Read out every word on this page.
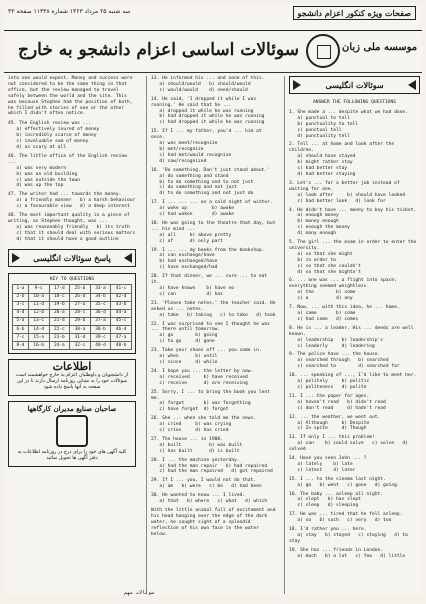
سه شنبه ۲۵ مرداد ۱۳۶۳ شماره ۱۱۳۳۸ صفحه ۳۳	صفحات ویژه کنکور اعزام دانشجو
سوئالات اساسی اعزام دانشجو به خارج	موسسه ملی زبان

into one would expect. Money and success were not considered to be the same thing in that office, but the review managed to travel safely between the world and the site. This was because Stephen had the position of both, he filled with stories of one or the other which I didn't often notice.

45. The English review was ...
a) effectively inured of money
b) incredibly scarce of money
c) invaluable sum of money
d) as scary at all

46. The little office of the English review ...
a) was very modern
b) was an old building
c) was outside the town
d) was up the top

47. The writer had ... towards the money.
a) a friendly manner   b) a harsh behaviour
c) a favourable view   d) a deep interest

48. The most important quality in a piece of writing, as Stephen thought, was ...
a) was reasonably friendly   b) its truth
c) that it should deal with serious matters
d) that it should have a good outline

پاسخ سوئالات انگلیسی
KEY TO QUESTIONS
1-a	9-c	17-d	25-b	33-a	41-c
2-b	10-a	18-c	26-d	34-b	42-d
3-c	11-d	19-b	27-a	35-c	43-b
4-d	12-b	20-a	28-c	36-d	44-a
5-a	13-c	21-d	29-b	37-a	45-c
6-b	14-d	22-c	30-a	38-b	46-d
7-c	15-a	23-b	31-d	39-c	47-a
8-d	16-b	24-a	32-c	40-d	48-b
اطلاعات
از دانشجویان و داوطلبان اعزام به خارج خواهشمند است سوئالات خود را به نشانی روزنامه ارسال دارند تا در این صفحه به آنها پاسخ داده شود
صاحبان صنایع مدیران کارگاهها
کلیه آگهی های خود را برای درج در روزنامه اطلاعات به دفتر آگهی ها تحویل نمائید

13. He informed his ... and none of this.
a) should/would   b) should/would
c) would/would    d) need/should

14. He said, 'I dropped it while I was running.' He said that he ...
a) dropped it while he was running
b) had dropped it while he was running
c) had dropped it while he was running

15. If I ... my father, you'd ... him at once.
a) was meet/recognize
b) met/recognize
c) had met/would recognize
d) saw/recognized

16. 'Do something. Don't just stand about.'
a) do something and stand
b) to do something and to not just
c) do something and not just
d) to do something and not just do

17. I ... ... ... on a cold night of winter.
a) woke up         b) awoke
c) had woken       d) awake

18. He was going to the theatre that day, but ... his mind ...
a) all     b) above pretty
c) of      d) only part

19. I ... ... my books from the bookshop.
a) can exchange/have
b) had exchanged/have
c) have exchanged/had

20. If that dinner, we ... sure ... to eat it.
a) have known    b) have no
c) can           d) has

21. 'Please take notes,' the teacher said. He asked us ... notes.
a) take   b) taking   c) to take   d) took

22. I was surprised to see I thought he was ... there until tomorrow.
a) go        b) going
c) to go     d) gone

23. Take your shoes off ... you come in.
a) when      b) until
c) since     d) while

24. I hope you ... the letter by now.
a) received     b) have received
c) receive      d) are receiving

25. Sorry, I ... to bring the book you lent me.
a) forgot       b) was forgetting
c) have forgot  d) forget

26. She ... when she told me the news.
a) cried     b) was crying
c) cries     d) has cried

27. The house ... in 1900.
a) built          b) was built
c) has built      d) is built

28. I ... the machine yesterday.
a) had the man repair   b) had repaired
c) had the man repaired   d) got repaired

29. If I ... you, I would not do that.
a) am   b) were   c) be   d) had been

30. He wanted to know ... I lived.
a) that   b) where   c) what   d) which

With the little animal full of excitement and his head hanging over the edge of the dark water, he caught sight of a splendid reflection of his own face in the water below.

سوئالات انگلیسی
ANSWER THE FOLLOWING QUESTIONS

1. She made a ... despite what we had done.
a) punctual to tell
b) punctuality to tell
c) punctual tell
d) punctuality tell

2. Tell ... at home and look after the children.
a) should have stayed
b) might rather stay
c) had better stay
d) had better staying

3. Let's ... for a better job instead of waiting for one.
a) look after     b) should have looked
c) had better look   d) look for

4. He didn't have ... money to buy his ticket.
a) enough money
b) money enough
c) enough the money
d) many enough

5. The girl ... the exam in order to enter the university.
a) so that she might
b) in order to
c) so that she couldn't
d) so that she mightn't

6. ... one was ... a flight into space; everything seemed weightless.
a) the        b) some
c) a          d) any

7. Now, ... with this idea, he ... home.
a) came       b) come
c) had come   d) comes

8. He is ... a leader. His ... deeds are well known.
a) leadership   b) leadership's
c) leaderly     d) leadering

9. The police have ... the house.
a) searched through   b) searched
c) searched to        d) searched for

10. ... speaking of ..., I'd like to meet her.
a) politely     b) politic
c) politeness   d) polite

11. I ... the paper for ages.
a) haven't read   b) didn't read
c) don't read     d) hadn't read

12. ... the weather, we went out.
a) Although     b) Despite
c) In spite     d) Though

13. If only I ... this problem!
a) can    b) could solve   c) solve   d) solved

14. Have you seen John ... ?
a) lately    b) late
c) latest    d) later

15. I ... to the cinema last night.
a) go   b) went   c) gone   d) going

16. The baby ... asleep all night.
a) slept   b) has slept
c) sleep   d) sleeping

17. He was ... tired that he fell asleep.
a) so   b) such   c) very   d) too

18. I'd rather you ... here.
a) stay   b) stayed   c) staying   d) to stay

19. She has ... friends in London.
a) much   b) a lot   c) few   d) little

سوئالات مهم
